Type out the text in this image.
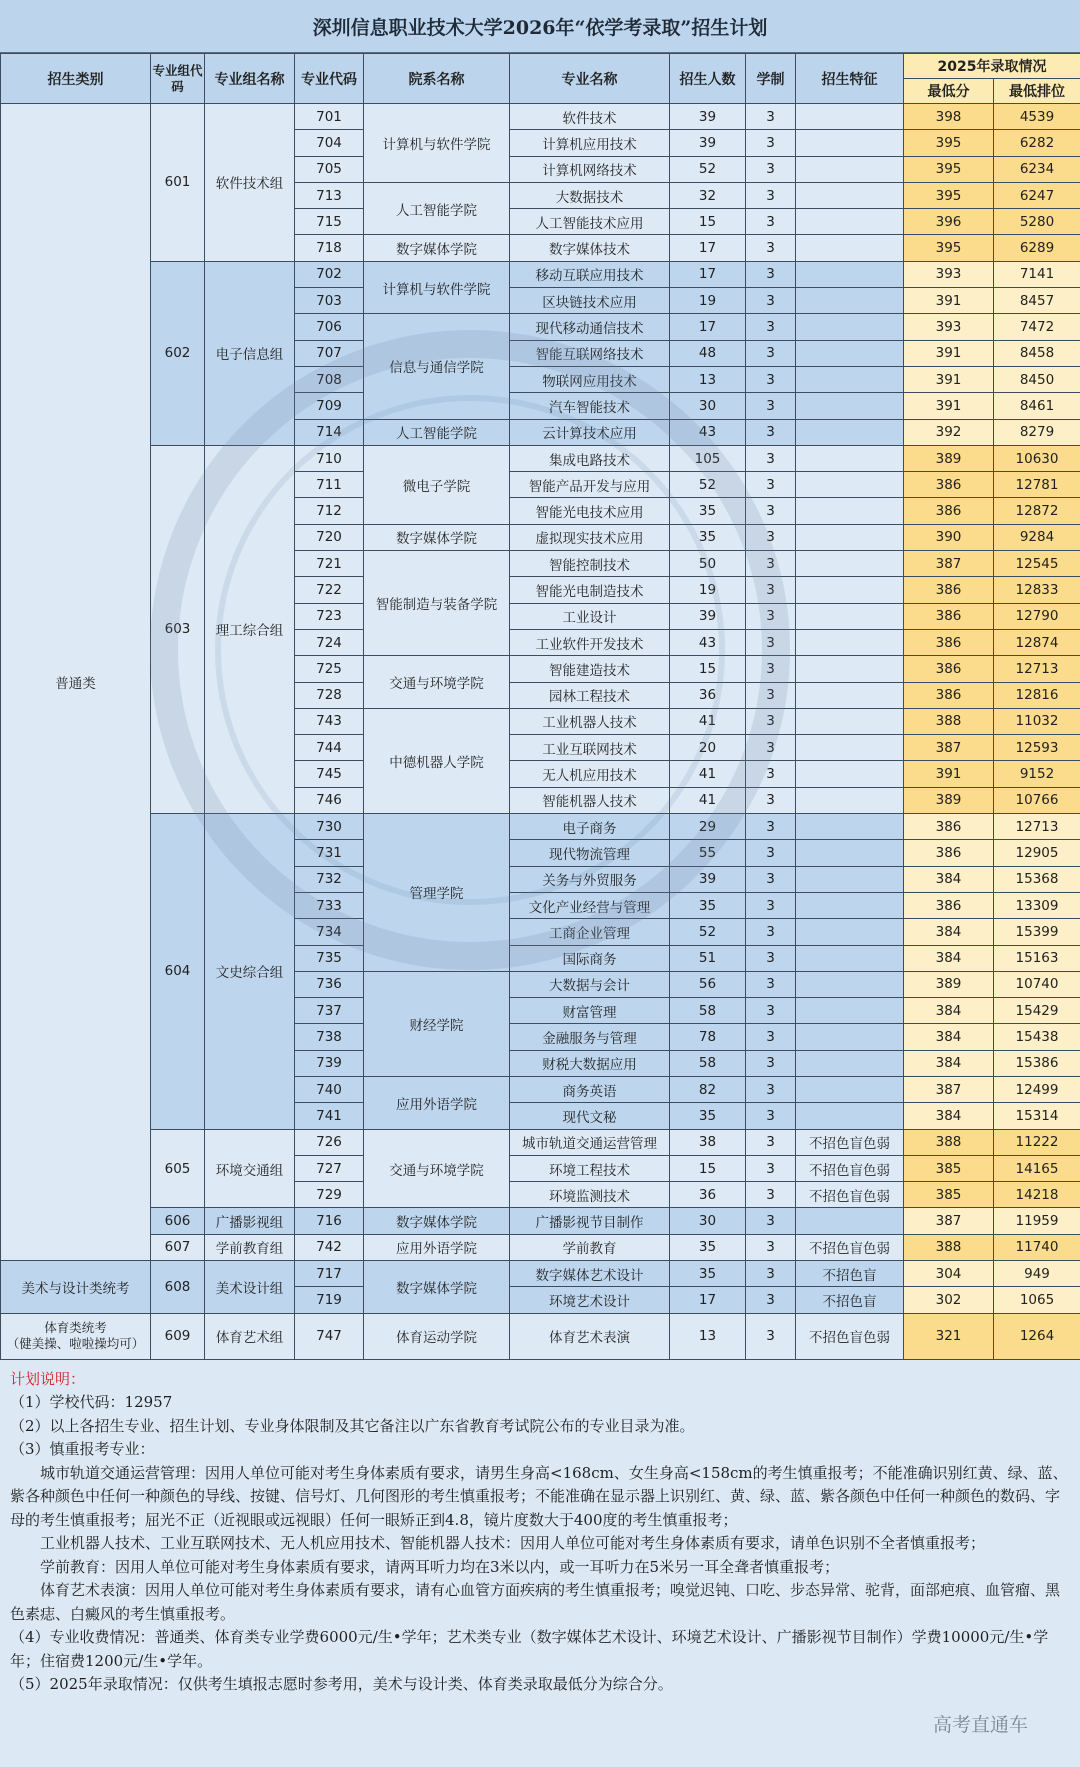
深圳信息职业技术大学2026年“依学考录取”招生计划
招生类别	专业组代码	专业组名称	专业代码	院系名称	专业名称	招生人数	学制	招生特征	2025年录取情况	
									最低分	最低排位
普通类	601	软件技术组	701	计算机与软件学院	软件技术	39	3		398	4539
			704		计算机应用技术	39	3		395	6282
			705		计算机网络技术	52	3		395	6234
			713	人工智能学院	大数据技术	32	3		395	6247
			715		人工智能技术应用	15	3		396	5280
			718	数字媒体学院	数字媒体技术	17	3		395	6289
	602	电子信息组	702	计算机与软件学院	移动互联应用技术	17	3		393	7141
			703		区块链技术应用	19	3		391	8457
			706	信息与通信学院	现代移动通信技术	17	3		393	7472
			707		智能互联网络技术	48	3		391	8458
			708		物联网应用技术	13	3		391	8450
			709		汽车智能技术	30	3		391	8461
			714	人工智能学院	云计算技术应用	43	3		392	8279
	603	理工综合组	710	微电子学院	集成电路技术	105	3		389	10630
			711		智能产品开发与应用	52	3		386	12781
			712		智能光电技术应用	35	3		386	12872
			720	数字媒体学院	虚拟现实技术应用	35	3		390	9284
			721	智能制造与装备学院	智能控制技术	50	3		387	12545
			722		智能光电制造技术	19	3		386	12833
			723		工业设计	39	3		386	12790
			724		工业软件开发技术	43	3		386	12874
			725	交通与环境学院	智能建造技术	15	3		386	12713
			728		园林工程技术	36	3		386	12816
			743	中德机器人学院	工业机器人技术	41	3		388	11032
			744		工业互联网技术	20	3		387	12593
			745		无人机应用技术	41	3		391	9152
			746		智能机器人技术	41	3		389	10766
	604	文史综合组	730	管理学院	电子商务	29	3		386	12713
			731		现代物流管理	55	3		386	12905
			732		关务与外贸服务	39	3		384	15368
			733		文化产业经营与管理	35	3		386	13309
			734		工商企业管理	52	3		384	15399
			735		国际商务	51	3		384	15163
			736	财经学院	大数据与会计	56	3		389	10740
			737		财富管理	58	3		384	15429
			738		金融服务与管理	78	3		384	15438
			739		财税大数据应用	58	3		384	15386
			740	应用外语学院	商务英语	82	3		387	12499
			741		现代文秘	35	3		384	15314
	605	环境交通组	726	交通与环境学院	城市轨道交通运营管理	38	3	不招色盲色弱	388	11222
			727		环境工程技术	15	3	不招色盲色弱	385	14165
			729		环境监测技术	36	3	不招色盲色弱	385	14218
	606	广播影视组	716	数字媒体学院	广播影视节目制作	30	3		387	11959
	607	学前教育组	742	应用外语学院	学前教育	35	3	不招色盲色弱	388	11740
美术与设计类统考	608	美术设计组	717	数字媒体学院	数字媒体艺术设计	35	3	不招色盲	304	949
			719		环境艺术设计	17	3	不招色盲	302	1065

体育类统考
（健美操、啦啦操均可）	609	体育艺术组	747	体育运动学院	体育艺术表演	13	3	不招色盲色弱	321	1264
计划说明：
（1）学校代码：12957
（2）以上各招生专业、招生计划、专业身体限制及其它备注以广东省教育考试院公布的专业目录为准。
（3）慎重报考专业：
城市轨道交通运营管理：因用人单位可能对考生身体素质有要求，请男生身高<168cm、女生身高<158cm的考生慎重报考；不能准确识别红黄、绿、蓝、紫各种颜色中任何一种颜色的导线、按键、信号灯、几何图形的考生慎重报考；不能准确在显示器上识别红、黄、绿、蓝、紫各颜色中任何一种颜色的数码、字母的考生慎重报考；屈光不正（近视眼或远视眼）任何一眼矫正到4.8，镜片度数大于400度的考生慎重报考；
工业机器人技术、工业互联网技术、无人机应用技术、智能机器人技术：因用人单位可能对考生身体素质有要求，请单色识别不全者慎重报考；
学前教育：因用人单位可能对考生身体素质有要求，请两耳听力均在3米以内，或一耳听力在5米另一耳全聋者慎重报考；
体育艺术表演：因用人单位可能对考生身体素质有要求，请有心血管方面疾病的考生慎重报考；嗅觉迟钝、口吃、步态异常、驼背，面部疤痕、血管瘤、黑色素痣、白癜风的考生慎重报考。
（4）专业收费情况：普通类、体育类专业学费6000元/生•学年；艺术类专业（数字媒体艺术设计、环境艺术设计、广播影视节目制作）学费10000元/生•学年；住宿费1200元/生•学年。
（5）2025年录取情况：仅供考生填报志愿时参考用，美术与设计类、体育类录取最低分为综合分。
高考直通车
